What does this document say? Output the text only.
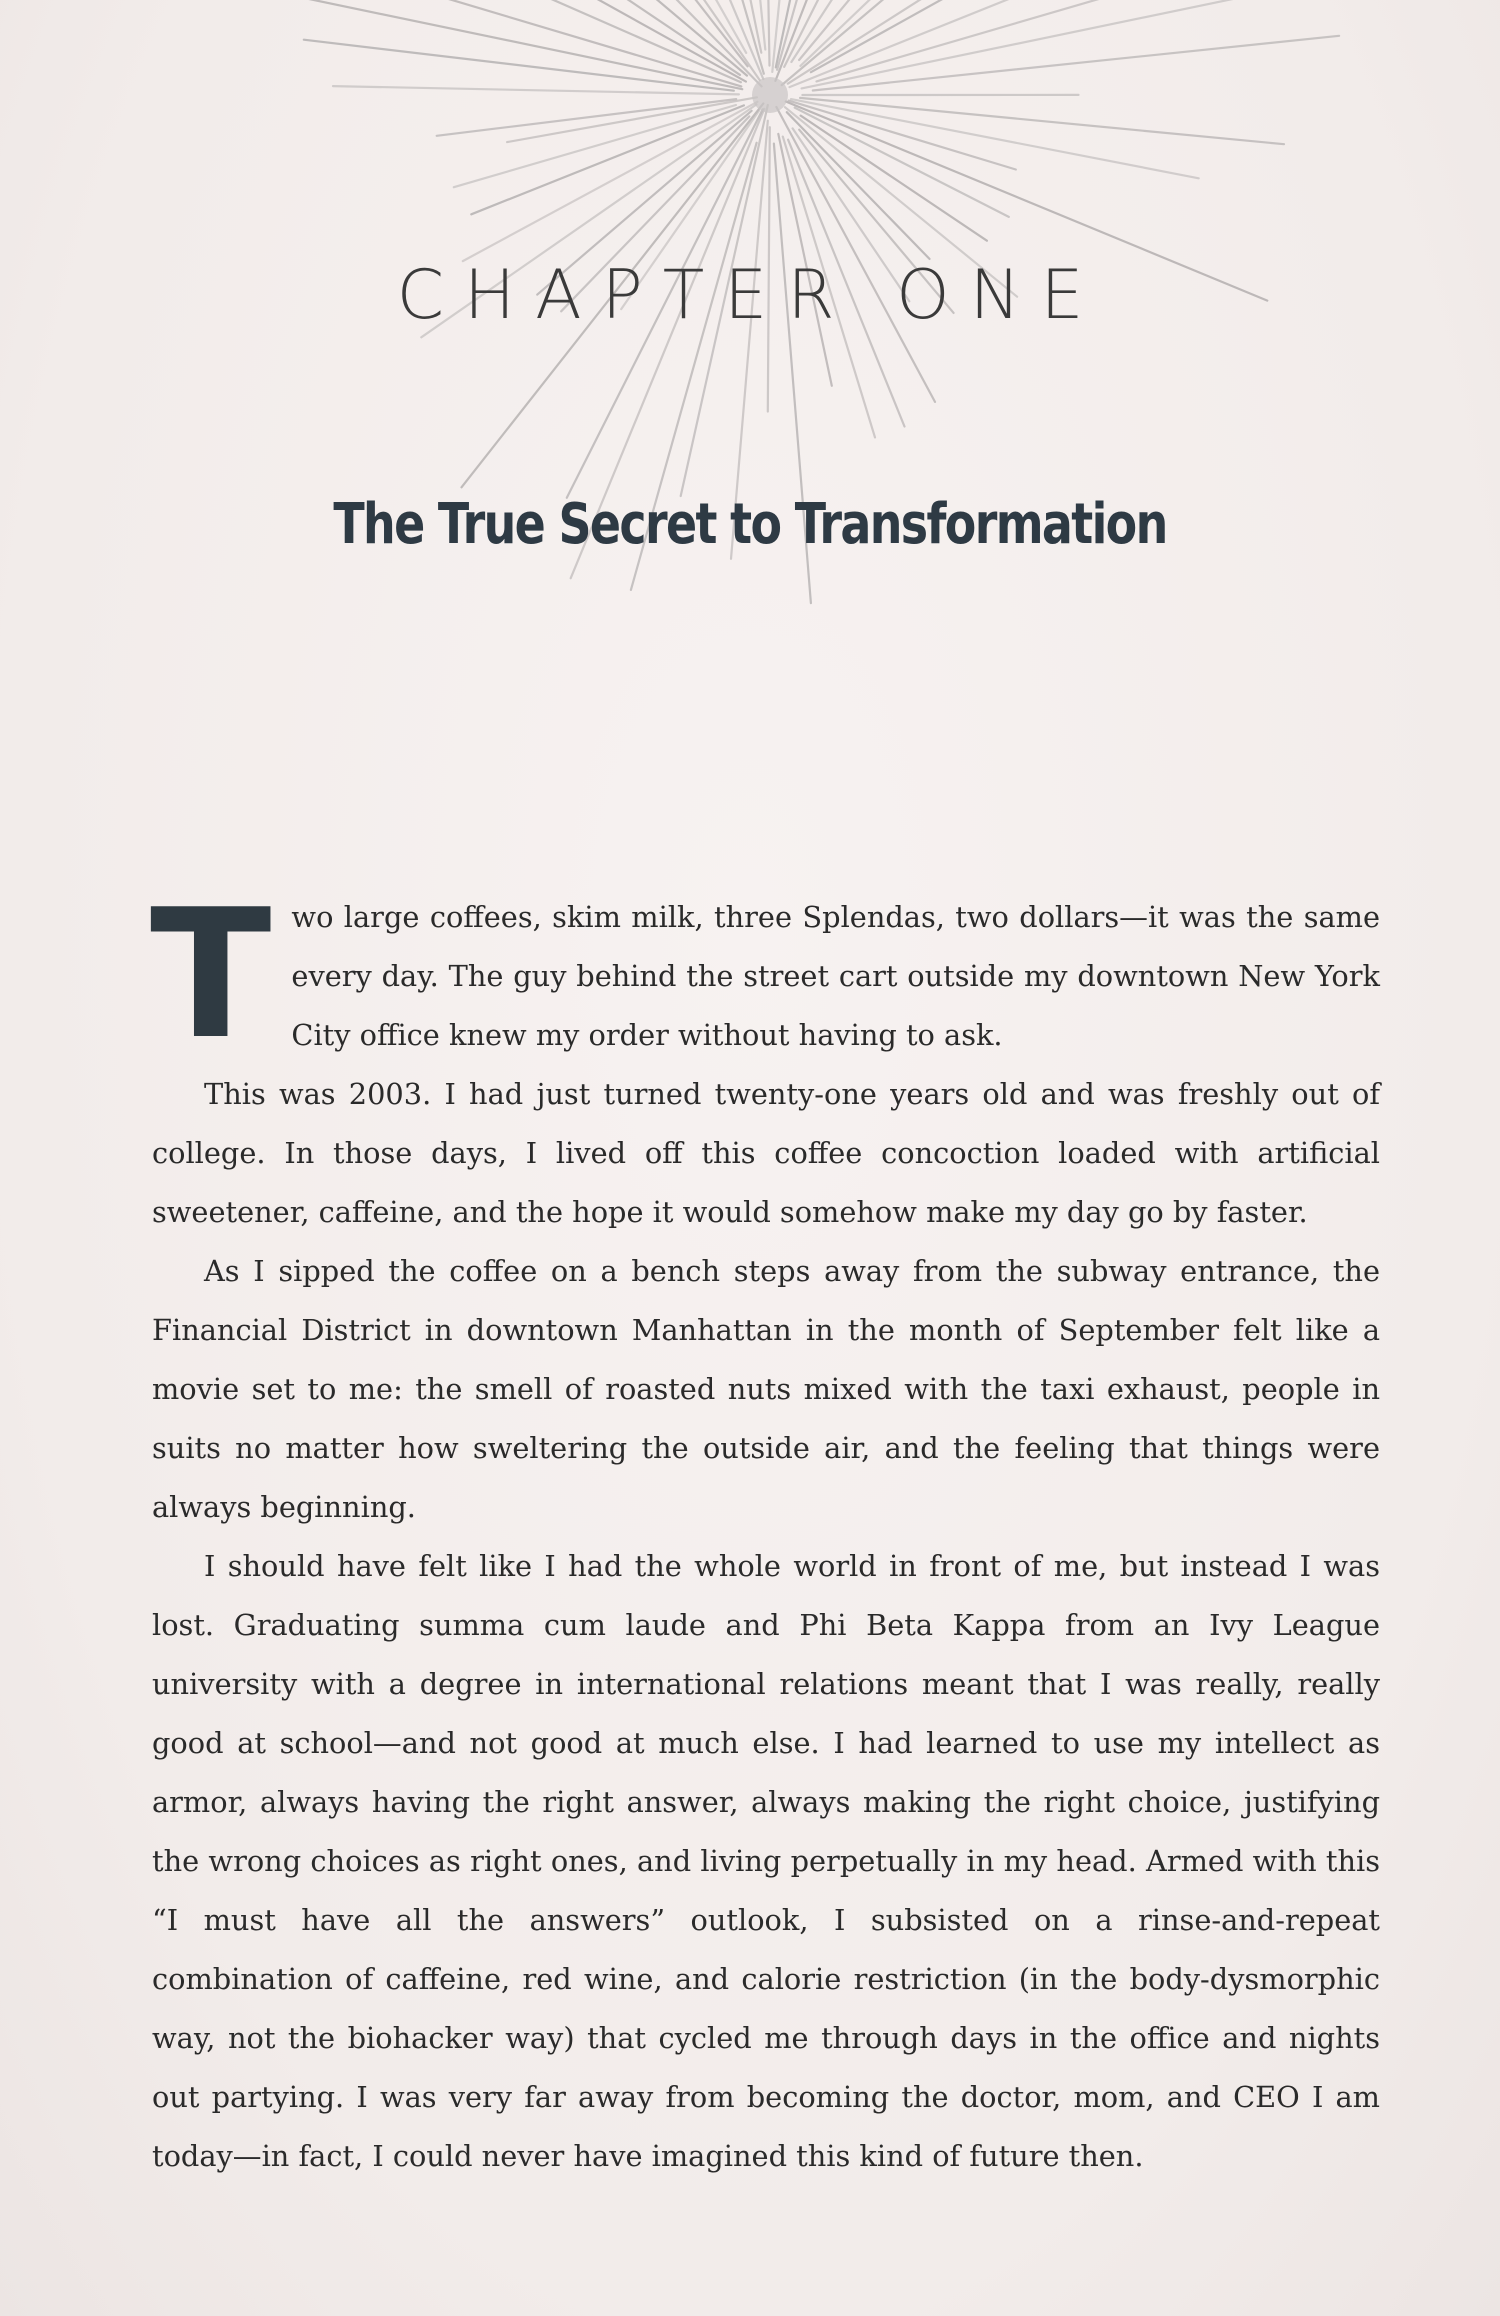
CHAPTER ONE
The True Secret to Transformation

Two large coffees, skim milk, three Splendas, two dollars—it was the same every day. The guy behind the street cart outside my downtown New York City office knew my order without having to ask.

This was 2003. I had just turned twenty-one years old and was freshly out of college. In those days, I lived off this coffee concoction loaded with artificial sweetener, caffeine, and the hope it would somehow make my day go by faster.

As I sipped the coffee on a bench steps away from the subway entrance, the Financial District in downtown Manhattan in the month of September felt like a movie set to me: the smell of roasted nuts mixed with the taxi exhaust, people in suits no matter how sweltering the outside air, and the feeling that things were always beginning.

I should have felt like I had the whole world in front of me, but instead I was lost. Graduating summa cum laude and Phi Beta Kappa from an Ivy League university with a degree in international relations meant that I was really, really good at school—and not good at much else. I had learned to use my intellect as armor, always having the right answer, always making the right choice, justifying the wrong choices as right ones, and living perpetually in my head. Armed with this “I must have all the answers” outlook, I subsisted on a rinse-and-repeat combination of caffeine, red wine, and calorie restriction (in the body-dysmorphic way, not the biohacker way) that cycled me through days in the office and nights out partying. I was very far away from becoming the doctor, mom, and CEO I am today—in fact, I could never have imagined this kind of future then.
